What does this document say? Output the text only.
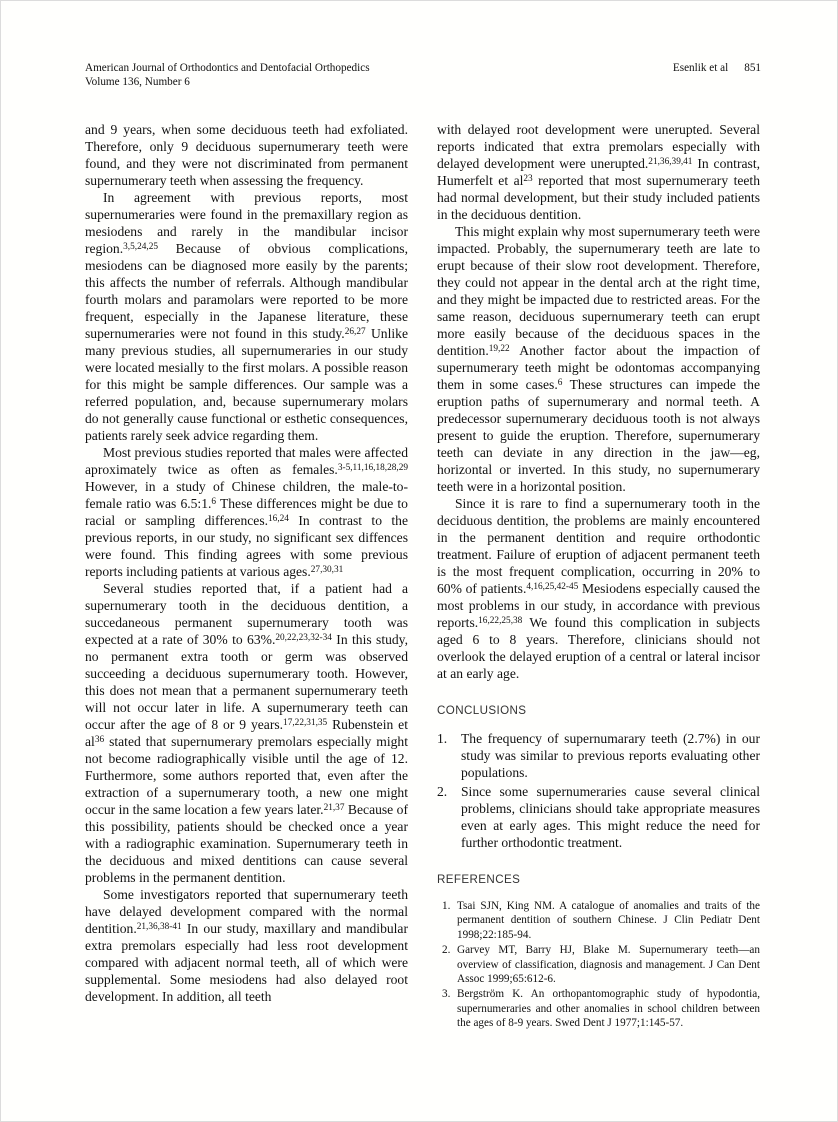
American Journal of Orthodontics and Dentofacial Orthopedics
Volume 136, Number 6
Esenlik et al 851

and 9 years, when some deciduous teeth had exfoliated. Therefore, only 9 deciduous supernumerary teeth were found, and they were not discriminated from permanent supernumerary teeth when assessing the frequency.

In agreement with previous reports, most supernumeraries were found in the premaxillary region as mesiodens and rarely in the mandibular incisor region.$^{3,5,24,25}$ Because of obvious complications, mesiodens can be diagnosed more easily by the parents; this affects the number of referrals. Although mandibular fourth molars and paramolars were reported to be more frequent, especially in the Japanese literature, these supernumeraries were not found in this study.$^{26,27}$ Unlike many previous studies, all supernumeraries in our study were located mesially to the first molars. A possible reason for this might be sample differences. Our sample was a referred population, and, because supernumerary molars do not generally cause functional or esthetic consequences, patients rarely seek advice regarding them.

Most previous studies reported that males were affected aproximately twice as often as females.$^{3-5,11,16,18,28,29}$ However, in a study of Chinese children, the male-to-female ratio was 6.5:1.$^6$ These differences might be due to racial or sampling differences.$^{16,24}$ In contrast to the previous reports, in our study, no significant sex diffences were found. This finding agrees with some previous reports including patients at various ages.$^{27,30,31}$

Several studies reported that, if a patient had a supernumerary tooth in the deciduous dentition, a succedaneous permanent supernumerary tooth was expected at a rate of 30% to 63%.$^{20,22,23,32-34}$ In this study, no permanent extra tooth or germ was observed succeeding a deciduous supernumerary tooth. However, this does not mean that a permanent supernumerary teeth will not occur later in life. A supernumerary teeth can occur after the age of 8 or 9 years.$^{17,22,31,35}$ Rubenstein et $al^{36}$ stated that supernumerary premolars especially might not become radiographically visible until the age of 12. Furthermore, some authors reported that, even after the extraction of a supernumerary tooth, a new one might occur in the same location a few years later.$^{21,37}$ Because of this possibility, patients should be checked once a year with a radiographic examination. Supernumerary teeth in the deciduous and mixed dentitions can cause several problems in the permanent dentition.

Some investigators reported that supernumerary teeth have delayed development compared with the normal dentition.$^{21,36,38-41}$ In our study, maxillary and mandibular extra premolars especially had less root development compared with adjacent normal teeth, all of which were supplemental. Some mesiodens had also delayed root development. In addition, all teeth

with delayed root development were unerupted. Several reports indicated that extra premolars especially with delayed development were unerupted.$^{21,36,39,41}$ In contrast, Humerfelt et $al^{23}$ reported that most supernumerary teeth had normal development, but their study included patients in the deciduous dentition.

This might explain why most supernumerary teeth were impacted. Probably, the supernumerary teeth are late to erupt because of their slow root development. Therefore, they could not appear in the dental arch at the right time, and they might be impacted due to restricted areas. For the same reason, deciduous supernumerary teeth can erupt more easily because of the deciduous spaces in the dentition.$^{19,22}$ Another factor about the impaction of supernumerary teeth might be odontomas accompanying them in some cases.$^6$ These structures can impede the eruption paths of supernumerary and normal teeth. A predecessor supernumerary deciduous tooth is not always present to guide the eruption. Therefore, supernumerary teeth can deviate in any direction in the jaw—eg, horizontal or inverted. In this study, no supernumerary teeth were in a horizontal position.

Since it is rare to find a supernumerary tooth in the deciduous dentition, the problems are mainly encountered in the permanent dentition and require orthodontic treatment. Failure of eruption of adjacent permanent teeth is the most frequent complication, occurring in 20% to 60% of patients.$^{4,16,25,42-45}$ Mesiodens especially caused the most problems in our study, in accordance with previous reports.$^{16,22,25,38}$ We found this complication in subjects aged 6 to 8 years. Therefore, clinicians should not overlook the delayed eruption of a central or lateral incisor at an early age.

CONCLUSIONS
1.	The frequency of supernumarary teeth (2.7%) in our study was similar to previous reports evaluating other populations.
2.	Since some supernumeraries cause several clinical problems, clinicians should take appropriate measures even at early ages. This might reduce the need for further orthodontic treatment.
REFERENCES
1. Tsai SJN, King NM. A catalogue of anomalies and traits of the permanent dentition of southern Chinese. J Clin Pediatr Dent 1998;22:185-94.
2. Garvey MT, Barry HJ, Blake M. Supernumerary teeth—an overview of classification, diagnosis and management. J Can Dent Assoc 1999;65:612-6.
3. Bergström K. An orthopantomographic study of hypodontia, supernumeraries and other anomalies in school children between the ages of 8-9 years. Swed Dent J 1977;1:145-57.
